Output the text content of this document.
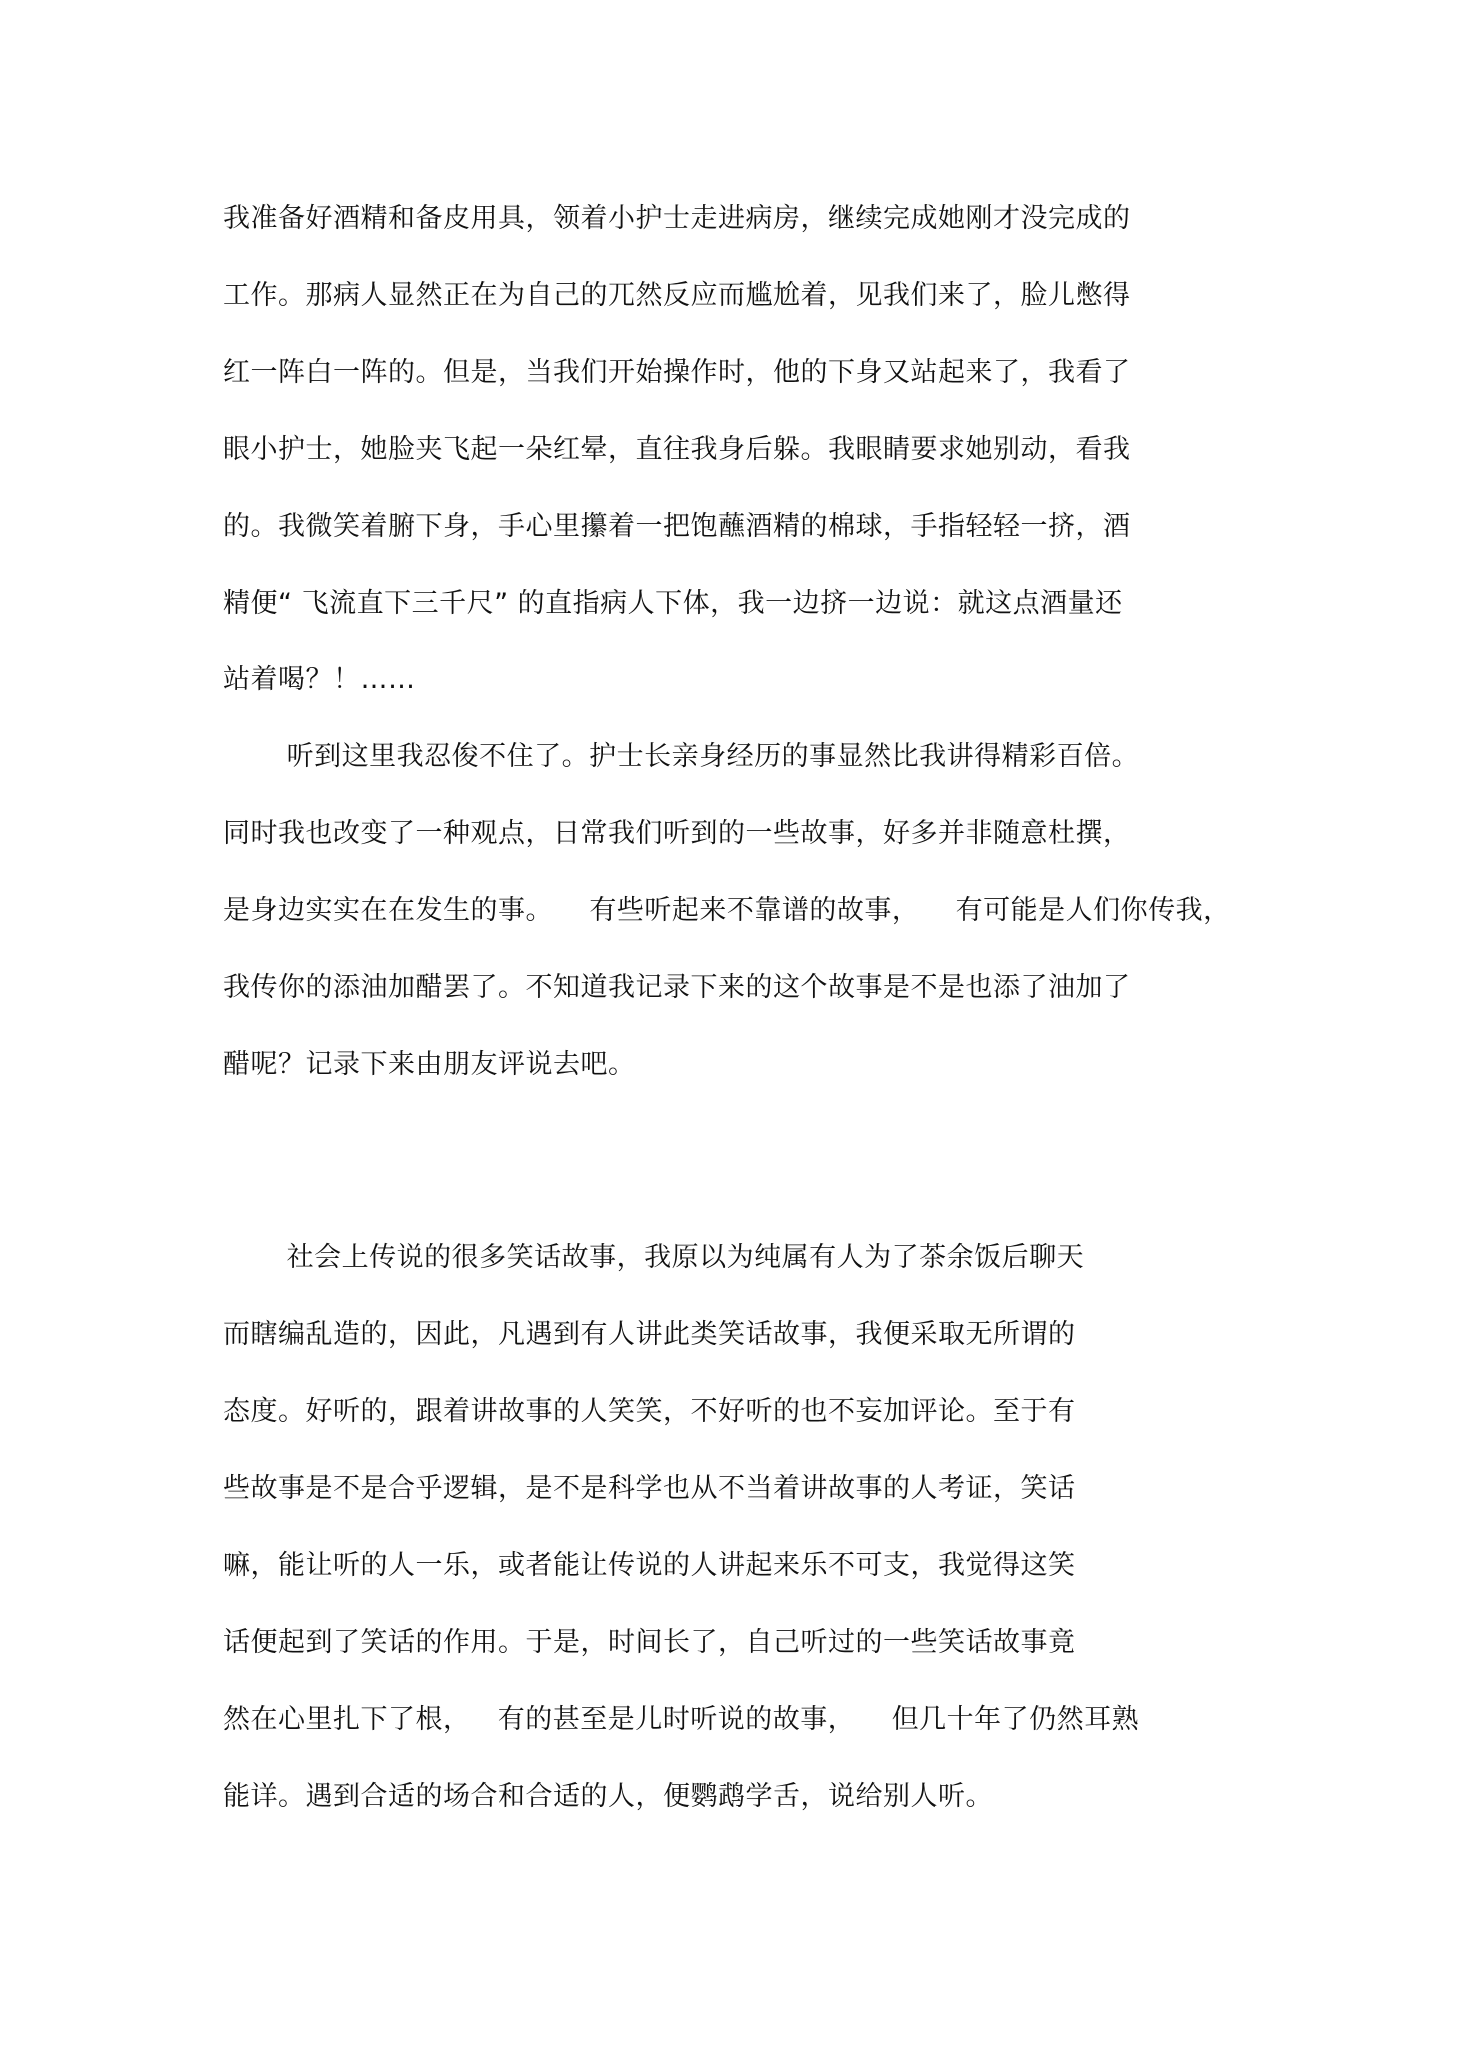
我准备好酒精和备皮用具，领着小护士走进病房，继续完成她刚才没完成的
工作。那病人显然正在为自己的兀然反应而尴尬着，见我们来了，脸儿憋得
红一阵白一阵的。但是，当我们开始操作时，他的下身又站起来了，我看了
眼小护士，她脸夹飞起一朵红晕，直往我身后躲。我眼睛要求她别动，看我
的。我微笑着腑下身，手心里攥着一把饱蘸酒精的棉球，手指轻轻一挤，酒
精便“ 飞流直下三千尺” 的直指病人下体，我一边挤一边说：就这点酒量还
站着喝？！……
听到这里我忍俊不住了。护士长亲身经历的事显然比我讲得精彩百倍。
同时我也改变了一种观点，日常我们听到的一些故事，好多并非随意杜撰，
是身边实实在在发生的事。    有些听起来不靠谱的故事，    有可能是人们你传我，
我传你的添油加醋罢了。不知道我记录下来的这个故事是不是也添了油加了
醋呢？记录下来由朋友评说去吧。
社会上传说的很多笑话故事，我原以为纯属有人为了茶余饭后聊天
而瞎编乱造的，因此，凡遇到有人讲此类笑话故事，我便采取无所谓的
态度。好听的，跟着讲故事的人笑笑，不好听的也不妄加评论。至于有
些故事是不是合乎逻辑，是不是科学也从不当着讲故事的人考证，笑话
嘛，能让听的人一乐，或者能让传说的人讲起来乐不可支，我觉得这笑
话便起到了笑话的作用。于是，时间长了，自己听过的一些笑话故事竟
然在心里扎下了根，   有的甚至是儿时听说的故事，    但几十年了仍然耳熟
能详。遇到合适的场合和合适的人，便鹦鹉学舌，说给别人听。
